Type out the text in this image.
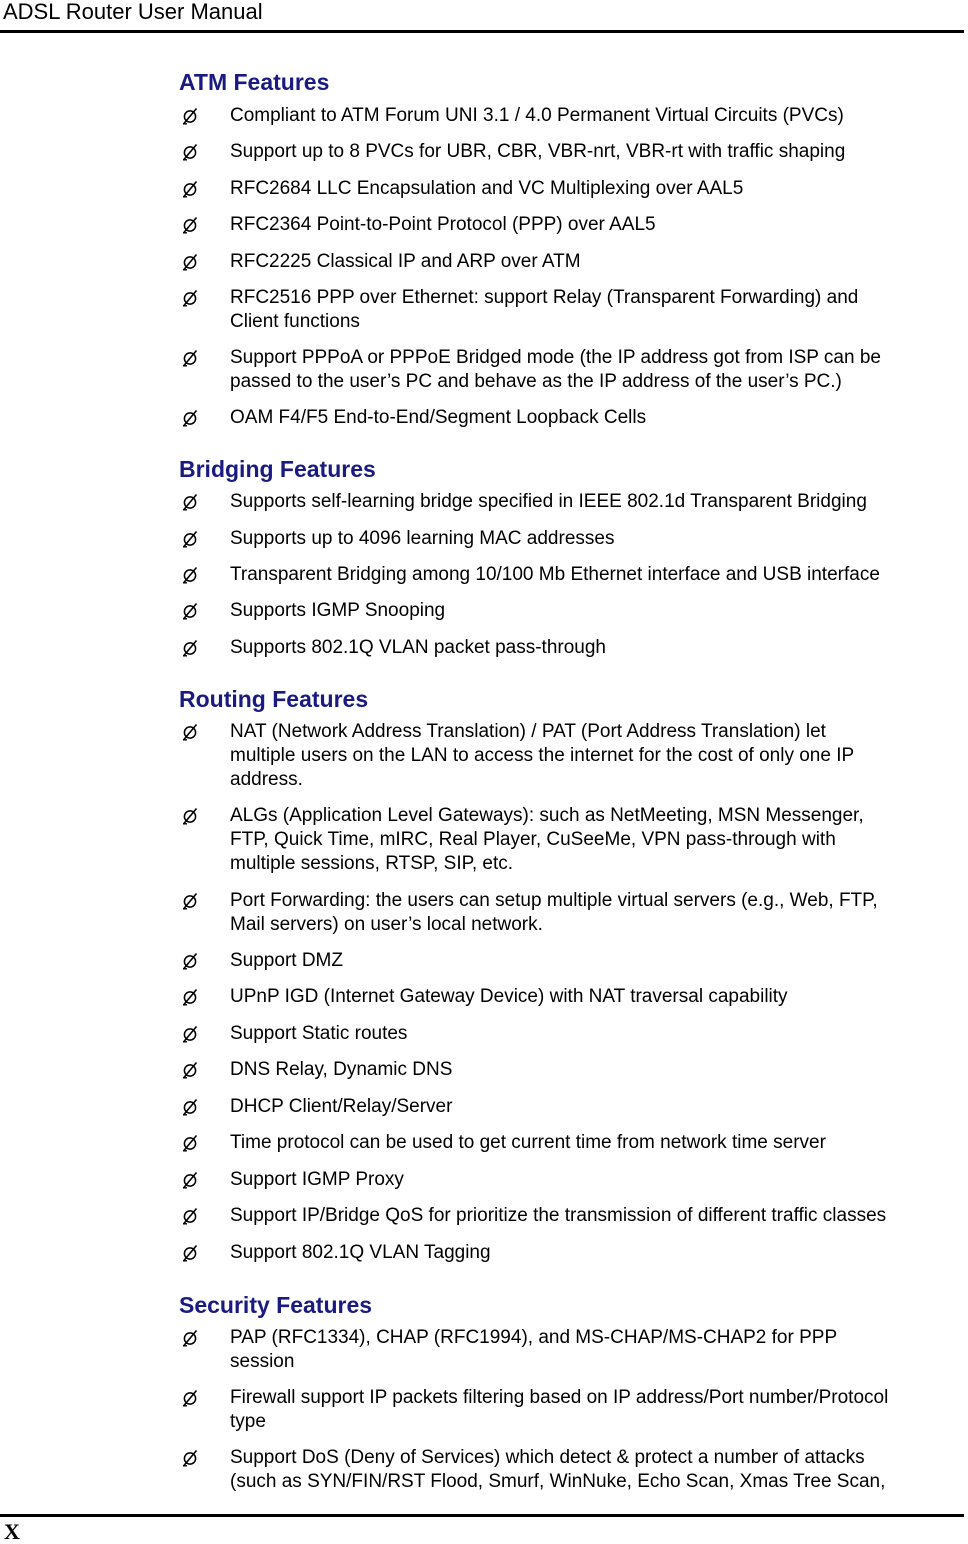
ADSL Router User Manual
ATM Features
Compliant to ATM Forum UNI 3.1 / 4.0 Permanent Virtual Circuits (PVCs)
Support up to 8 PVCs for UBR, CBR, VBR-nrt, VBR-rt with traffic shaping
RFC2684 LLC Encapsulation and VC Multiplexing over AAL5
RFC2364 Point-to-Point Protocol (PPP) over AAL5
RFC2225 Classical IP and ARP over ATM
RFC2516 PPP over Ethernet: support Relay (Transparent Forwarding) and
Client functions
Support PPPoA or PPPoE Bridged mode (the IP address got from ISP can be
passed to the user’s PC and behave as the IP address of the user’s PC.)
OAM F4/F5 End-to-End/Segment Loopback Cells
Bridging Features
Supports self-learning bridge specified in IEEE 802.1d Transparent Bridging
Supports up to 4096 learning MAC addresses
Transparent Bridging among 10/100 Mb Ethernet interface and USB interface
Supports IGMP Snooping
Supports 802.1Q VLAN packet pass-through
Routing Features
NAT (Network Address Translation) / PAT (Port Address Translation) let
multiple users on the LAN to access the internet for the cost of only one IP
address.
ALGs (Application Level Gateways): such as NetMeeting, MSN Messenger,
FTP, Quick Time, mIRC, Real Player, CuSeeMe, VPN pass-through with
multiple sessions, RTSP, SIP, etc.
Port Forwarding: the users can setup multiple virtual servers (e.g., Web, FTP,
Mail servers) on user’s local network.
Support DMZ
UPnP IGD (Internet Gateway Device) with NAT traversal capability
Support Static routes
DNS Relay, Dynamic DNS
DHCP Client/Relay/Server
Time protocol can be used to get current time from network time server
Support IGMP Proxy
Support IP/Bridge QoS for prioritize the transmission of different traffic classes
Support 802.1Q VLAN Tagging
Security Features
PAP (RFC1334), CHAP (RFC1994), and MS-CHAP/MS-CHAP2 for PPP
session
Firewall support IP packets filtering based on IP address/Port number/Protocol
type
Support DoS (Deny of Services) which detect & protect a number of attacks
(such as SYN/FIN/RST Flood, Smurf, WinNuke, Echo Scan, Xmas Tree Scan,
X
